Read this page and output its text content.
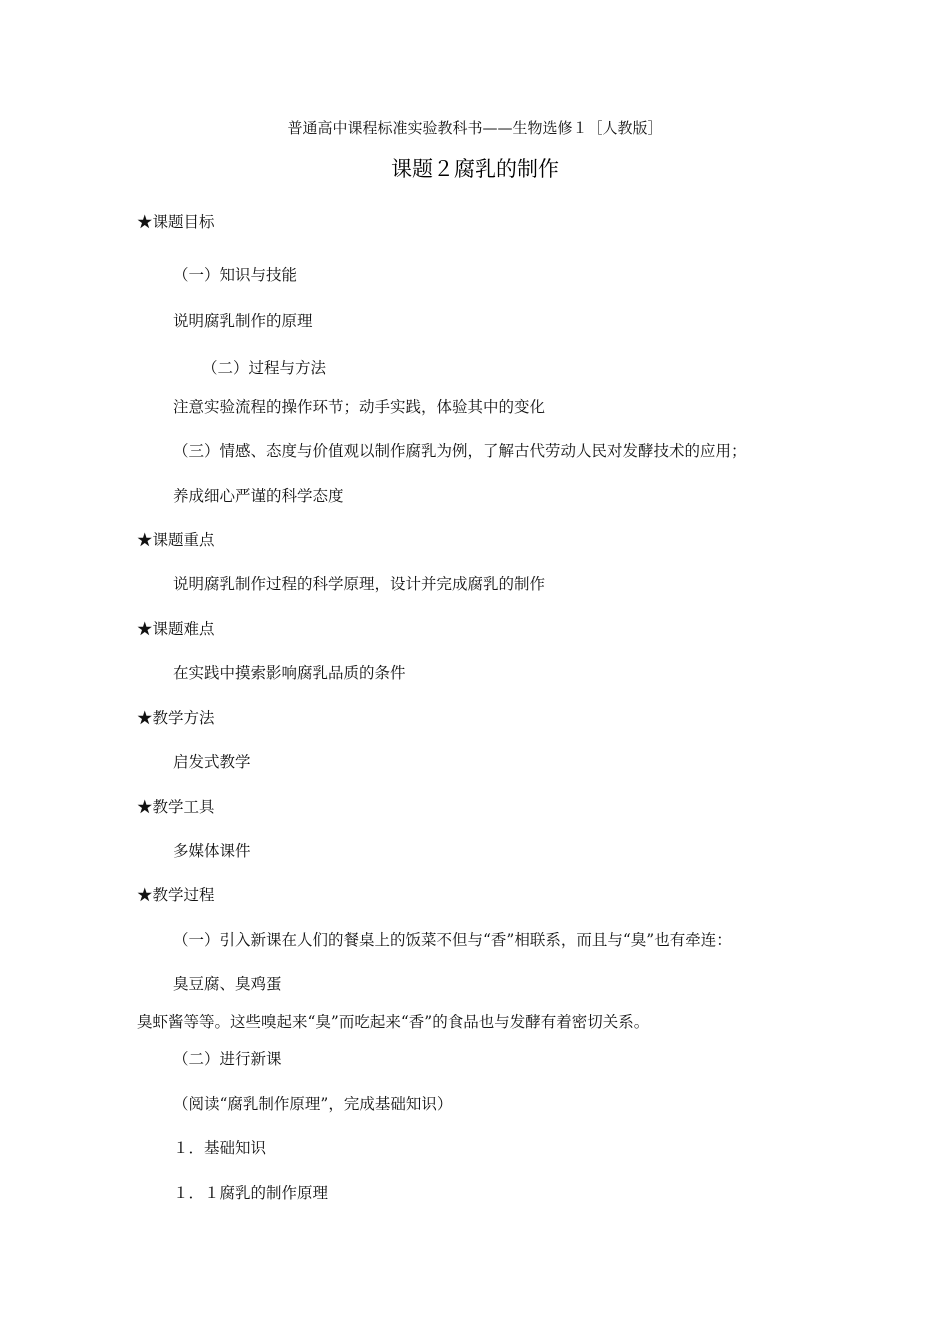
普通高中课程标准实验教科书——生物选修１［人教版］
课题２腐乳的制作
★课题目标
（一）知识与技能
说明腐乳制作的原理
（二）过程与方法
注意实验流程的操作环节；动手实践，体验其中的变化
（三）情感、态度与价值观以制作腐乳为例，了解古代劳动人民对发酵技术的应用；
养成细心严谨的科学态度
★课题重点
说明腐乳制作过程的科学原理，设计并完成腐乳的制作
★课题难点
在实践中摸索影响腐乳品质的条件
★教学方法
启发式教学
★教学工具
多媒体课件
★教学过程
（一）引入新课在人们的餐桌上的饭菜不但与“香”相联系，而且与“臭”也有牵连：
臭豆腐、臭鸡蛋
臭虾酱等等。这些嗅起来“臭”而吃起来“香”的食品也与发酵有着密切关系。
（二）进行新课
（阅读“腐乳制作原理”，完成基础知识）
１．基础知识
１．１腐乳的制作原理
